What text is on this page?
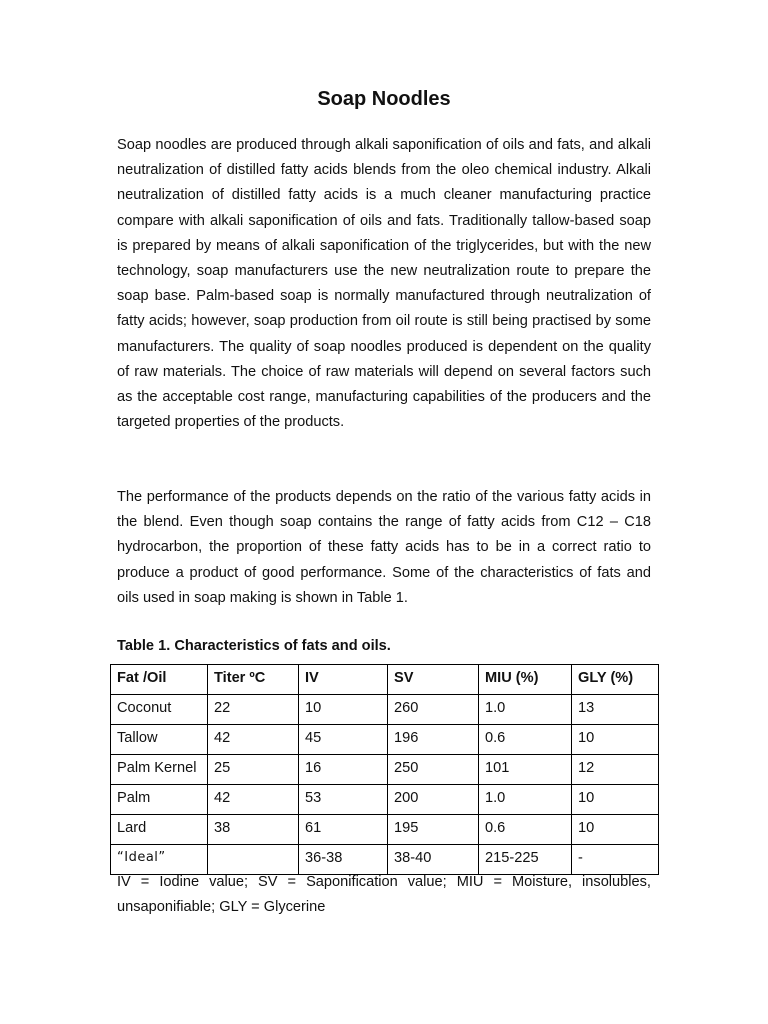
Soap Noodles

Soap noodles are produced through alkali saponification of oils and fats, and alkali neutralization of distilled fatty acids blends from the oleo chemical industry. Alkali neutralization of distilled fatty acids is a much cleaner manufacturing practice compare with alkali saponification of oils and fats. Traditionally tallow-based soap is prepared by means of alkali saponification of the triglycerides, but with the new technology, soap manufacturers use the new neutralization route to prepare the soap base. Palm-based soap is normally manufactured through neutralization of fatty acids; however, soap production from oil route is still being practised by some manufacturers. The quality of soap noodles produced is dependent on the quality of raw materials. The choice of raw materials will depend on several factors such as the acceptable cost range, manufacturing capabilities of the producers and the targeted properties of the products.

The performance of the products depends on the ratio of the various fatty acids in the blend. Even though soap contains the range of fatty acids from C12 – C18 hydrocarbon, the proportion of these fatty acids has to be in a correct ratio to produce a product of good performance. Some of the characteristics of fats and oils used in soap making is shown in Table 1.

Table 1. Characteristics of fats and oils.

Fat /Oil	Titer ºC	IV	SV	MIU (%)	GLY (%)
Coconut	22	10	260	1.0	13
Tallow	42	45	196	0.6	10
Palm Kernel	25	16	250	101	12
Palm	42	53	200	1.0	10
Lard	38	61	195	0.6	10
“Ideal”		36-38	38-40	215-225	-

IV = Iodine value; SV = Saponification value; MIU = Moisture, insolubles, unsaponifiable; GLY = Glycerine
